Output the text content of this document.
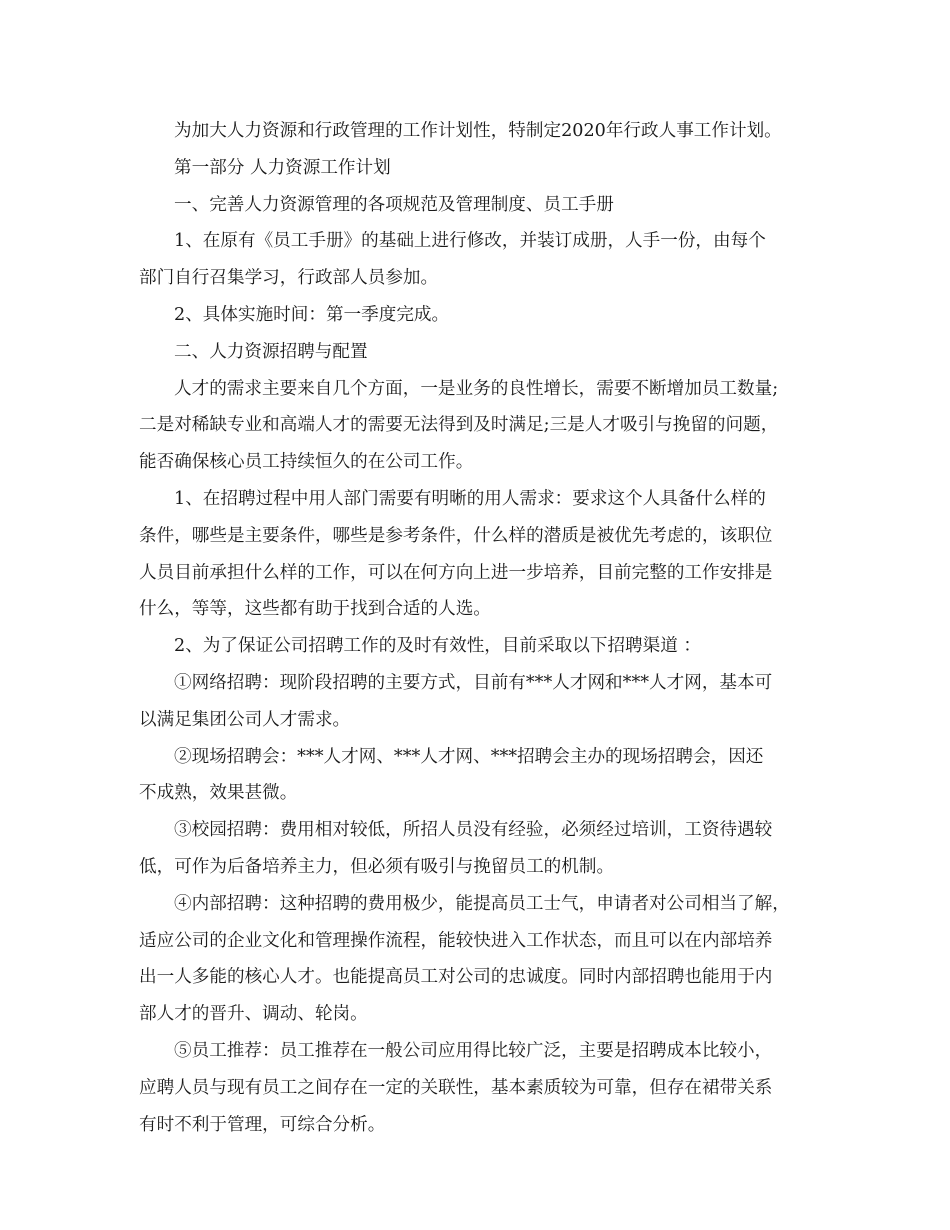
为加大人力资源和行政管理的工作计划性，特制定2020年行政人事工作计划。
第一部分 人力资源工作计划
一、完善人力资源管理的各项规范及管理制度、员工手册
1、在原有《员工手册》的基础上进行修改，并装订成册，人手一份，由每个
部门自行召集学习，行政部人员参加。
2、具体实施时间：第一季度完成。
二、人力资源招聘与配置
人才的需求主要来自几个方面，一是业务的良性增长，需要不断增加员工数量;
二是对稀缺专业和高端人才的需要无法得到及时满足;三是人才吸引与挽留的问题，
能否确保核心员工持续恒久的在公司工作。
1、在招聘过程中用人部门需要有明晰的用人需求：要求这个人具备什么样的
条件，哪些是主要条件，哪些是参考条件，什么样的潜质是被优先考虑的，该职位
人员目前承担什么样的工作，可以在何方向上进一步培养，目前完整的工作安排是
什么，等等，这些都有助于找到合适的人选。
2、为了保证公司招聘工作的及时有效性，目前采取以下招聘渠道 ：
①网络招聘：现阶段招聘的主要方式，目前有***人才网和***人才网，基本可
以满足集团公司人才需求。
②现场招聘会：***人才网、***人才网、***招聘会主办的现场招聘会，因还
不成熟，效果甚微。
③校园招聘：费用相对较低，所招人员没有经验，必须经过培训，工资待遇较
低，可作为后备培养主力，但必须有吸引与挽留员工的机制。
④内部招聘：这种招聘的费用极少，能提高员工士气，申请者对公司相当了解，
适应公司的企业文化和管理操作流程，能较快进入工作状态，而且可以在内部培养
出一人多能的核心人才。也能提高员工对公司的忠诚度。同时内部招聘也能用于内
部人才的晋升、调动、轮岗。
⑤员工推荐：员工推荐在一般公司应用得比较广泛，主要是招聘成本比较小，
应聘人员与现有员工之间存在一定的关联性，基本素质较为可靠，但存在裙带关系
有时不利于管理，可综合分析。
